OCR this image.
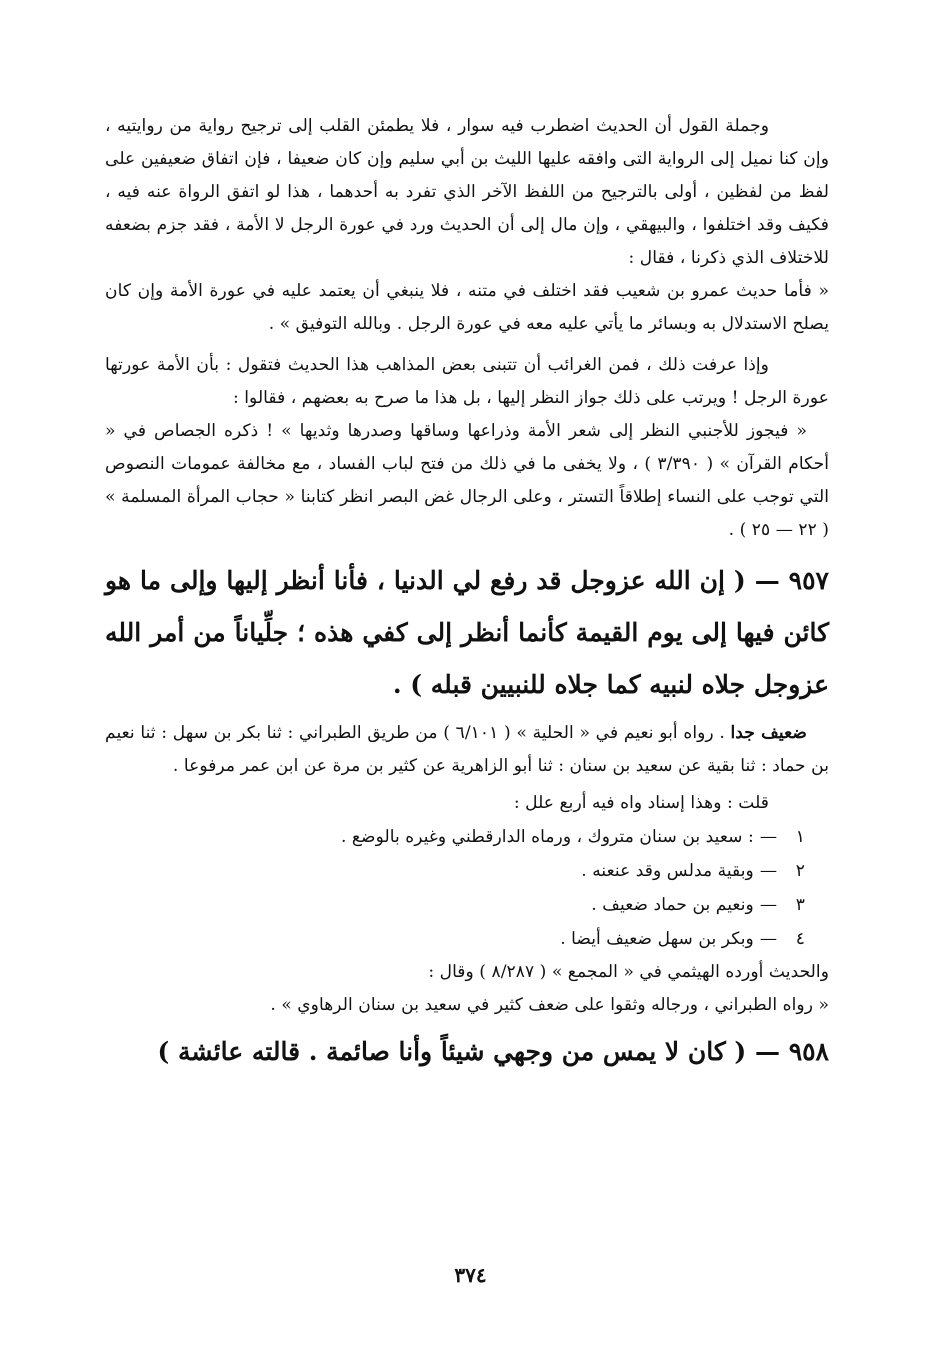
وجملة القول أن الحديث اضطرب فيه سوار ، فلا يطمئن القلب إلى ترجيح رواية من روايتيه ، وإن كنا نميل إلى الرواية التى وافقه عليها الليث بن أبي سليم وإن كان ضعيفا ، فإن اتفاق ضعيفين على لفظ من لفظين ، أولى بالترجيح من اللفظ الآخر الذي تفرد به أحدهما ، هذا لو اتفق الرواة عنه فيه ، فكيف وقد اختلفوا ، والبيهقي ، وإن مال إلى أن الحديث ورد في عورة الرجل لا الأمة ، فقد جزم بضعفه للاختلاف الذي ذكرنا ، فقال :

« فأما حديث عمرو بن شعيب فقد اختلف في متنه ، فلا ينبغي أن يعتمد عليه في عورة الأمة وإن كان يصلح الاستدلال به وبسائر ما يأتي عليه معه في عورة الرجل . وبالله التوفيق » .

وإذا عرفت ذلك ، فمن الغرائب أن تتبنى بعض المذاهب هذا الحديث فتقول : بأن الأمة عورتها عورة الرجل ! ويرتب على ذلك جواز النظر إليها ، بل هذا ما صرح به بعضهم ، فقالوا :

« فيجوز للأجنبي النظر إلى شعر الأمة وذراعها وساقها وصدرها وثديها » ! ذكره الجصاص في « أحكام القرآن » ( ٣/٣٩٠ ) ، ولا يخفى ما في ذلك من فتح لباب الفساد ، مع مخالفة عمومات النصوص التي توجب على النساء إطلاقاً التستر ، وعلى الرجال غض البصر انظر كتابنا « حجاب المرأة المسلمة » ( ٢٢ — ٢٥ ) .

٩٥٧ — ( إن الله عزوجل قد رفع لي الدنيا ، فأنا أنظر إليها وإلى ما هو كائن فيها إلى يوم القيمة كأنما أنظر إلى كفي هذه ؛ جلِّياناً من أمر الله عزوجل جلاه لنبيه كما جلاه للنبيين قبله ) .

ضعيف جدا . رواه أبو نعيم في « الحلية » ( ٦/١٠١ ) من طريق الطبراني : ثنا بكر بن سهل : ثنا نعيم بن حماد : ثنا بقية عن سعيد بن سنان : ثنا أبو الزاهرية عن كثير بن مرة عن ابن عمر مرفوعا .

قلت : وهذا إسناد واه فيه أربع علل :

١—: سعيد بن سنان متروك ، ورماه الدارقطني وغيره بالوضع .
٢—وبقية مدلس وقد عنعنه .
٣—ونعيم بن حماد ضعيف .
٤—وبكر بن سهل ضعيف أيضا .

والحديث أورده الهيثمي في « المجمع » ( ٨/٢٨٧ ) وقال :

« رواه الطبراني ، ورجاله وثقوا على ضعف كثير في سعيد بن سنان الرهاوي » .

٩٥٨ — ( كان لا يمس من وجهي شيئاً وأنا صائمة . قالته عائشة )
٣٧٤
